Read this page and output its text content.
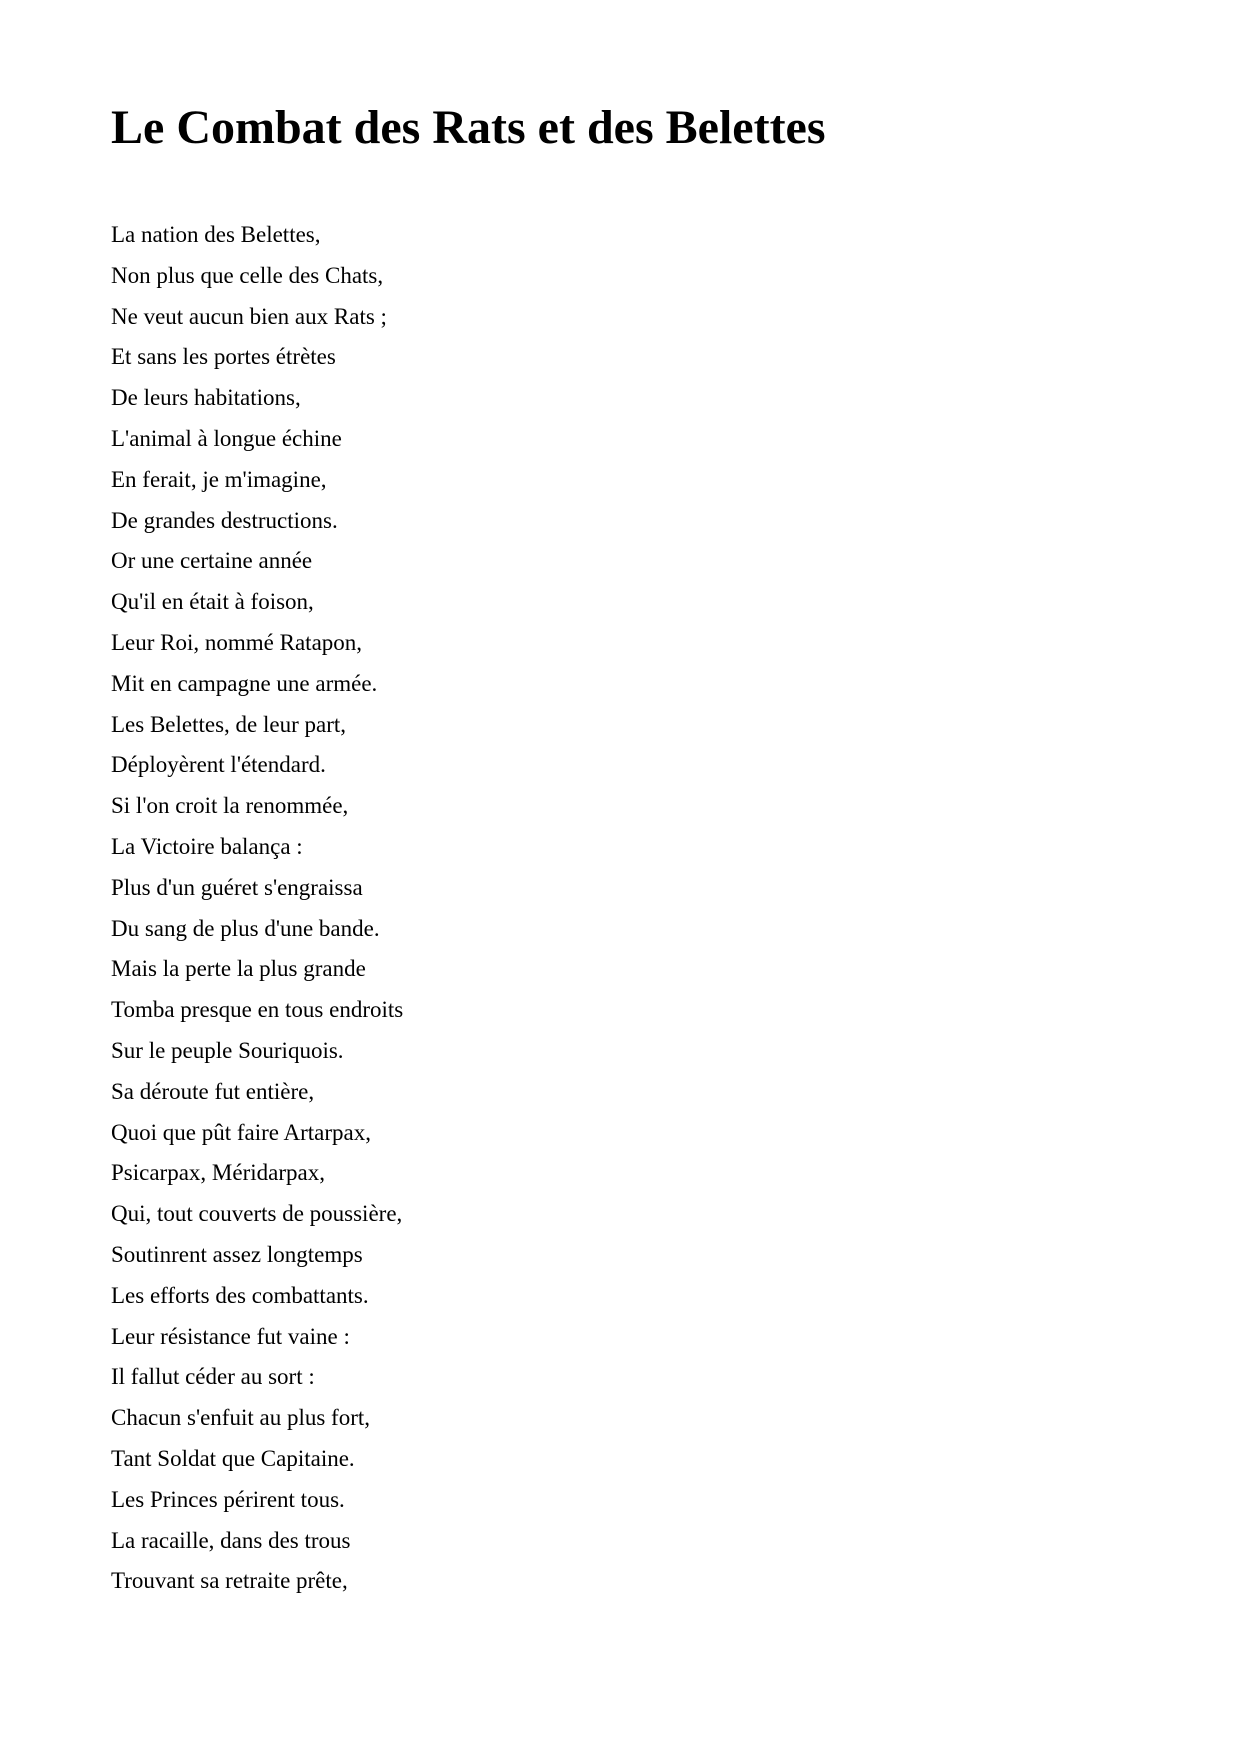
Le Combat des Rats et des Belettes
La nation des Belettes,
Non plus que celle des Chats,
Ne veut aucun bien aux Rats ;
Et sans les portes étrètes
De leurs habitations,
L'animal à longue échine
En ferait, je m'imagine,
De grandes destructions.
Or une certaine année
Qu'il en était à foison,
Leur Roi, nommé Ratapon,
Mit en campagne une armée.
Les Belettes, de leur part,
Déployèrent l'étendard.
Si l'on croit la renommée,
La Victoire balança :
Plus d'un guéret s'engraissa
Du sang de plus d'une bande.
Mais la perte la plus grande
Tomba presque en tous endroits
Sur le peuple Souriquois.
Sa déroute fut entière,
Quoi que pût faire Artarpax,
Psicarpax, Méridarpax,
Qui, tout couverts de poussière,
Soutinrent assez longtemps
Les efforts des combattants.
Leur résistance fut vaine :
Il fallut céder au sort :
Chacun s'enfuit au plus fort,
Tant Soldat que Capitaine.
Les Princes périrent tous.
La racaille, dans des trous
Trouvant sa retraite prête,
